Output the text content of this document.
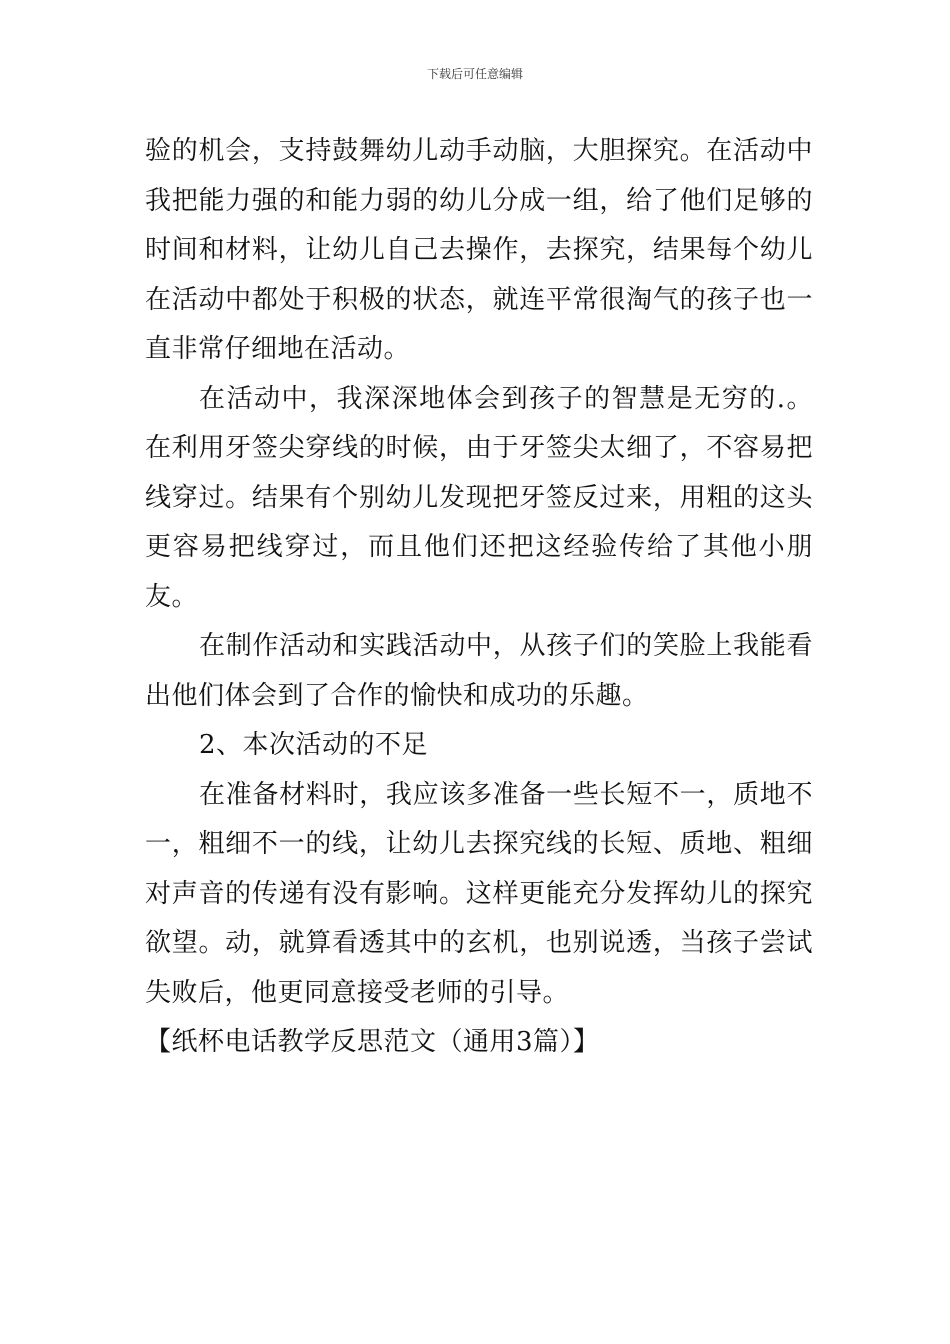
下载后可任意编辑

验的机会，支持鼓舞幼儿动手动脑，大胆探究。在活动中我把能力强的和能力弱的幼儿分成一组，给了他们足够的时间和材料，让幼儿自己去操作，去探究，结果每个幼儿在活动中都处于积极的状态，就连平常很淘气的孩子也一直非常仔细地在活动。

在活动中，我深深地体会到孩子的智慧是无穷的.。在利用牙签尖穿线的时候，由于牙签尖太细了，不容易把线穿过。结果有个别幼儿发现把牙签反过来，用粗的这头更容易把线穿过，而且他们还把这经验传给了其他小朋友。

在制作活动和实践活动中，从孩子们的笑脸上我能看出他们体会到了合作的愉快和成功的乐趣。

2、本次活动的不足

在准备材料时，我应该多准备一些长短不一，质地不一，粗细不一的线，让幼儿去探究线的长短、质地、粗细对声音的传递有没有影响。这样更能充分发挥幼儿的探究欲望。动，就算看透其中的玄机，也别说透，当孩子尝试失败后，他更同意接受老师的引导。

【纸杯电话教学反思范文（通用3篇）】
